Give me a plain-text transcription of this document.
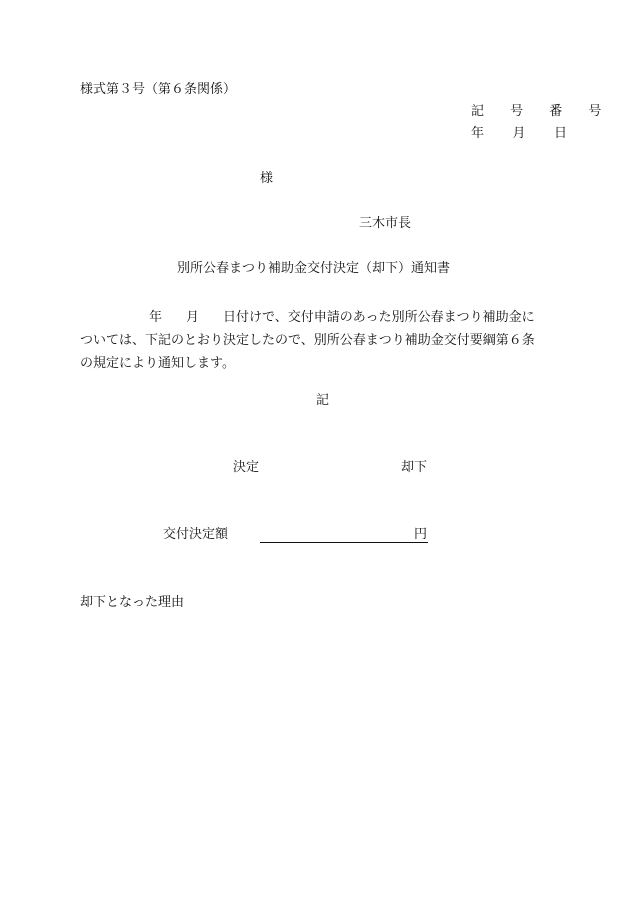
様式第３号（第６条関係）
記 号 番 号
年 月 日
様
三木市長
別所公春まつり補助金交付決定（却下）通知書
年 月 日付けで、交付申請のあった別所公春まつり補助金に
ついては、下記のとおり決定したので、別所公春まつり補助金交付要綱第６条
の規定により通知します。
記
決定	却下
交付決定額	円
却下となった理由
